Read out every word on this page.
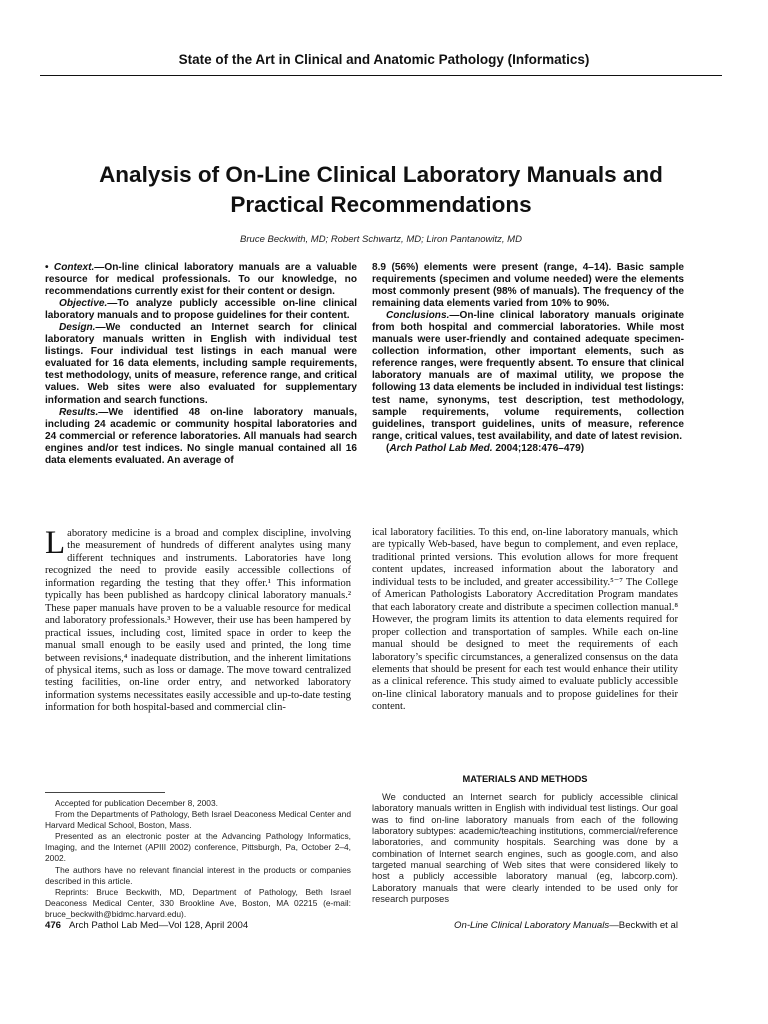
State of the Art in Clinical and Anatomic Pathology (Informatics)
Analysis of On-Line Clinical Laboratory Manuals and
Practical Recommendations
Bruce Beckwith, MD; Robert Schwartz, MD; Liron Pantanowitz, MD

• Context.—On-line clinical laboratory manuals are a valuable resource for medical professionals. To our knowledge, no recommendations currently exist for their content or design.

Objective.—To analyze publicly accessible on-line clinical laboratory manuals and to propose guidelines for their content.

Design.—We conducted an Internet search for clinical laboratory manuals written in English with individual test listings. Four individual test listings in each manual were evaluated for 16 data elements, including sample requirements, test methodology, units of measure, reference range, and critical values. Web sites were also evaluated for supplementary information and search functions.

Results.—We identified 48 on-line laboratory manuals, including 24 academic or community hospital laboratories and 24 commercial or reference laboratories. All manuals had search engines and/or test indices. No single manual contained all 16 data elements evaluated. An average of

8.9 (56%) elements were present (range, 4–14). Basic sample requirements (specimen and volume needed) were the elements most commonly present (98% of manuals). The frequency of the remaining data elements varied from 10% to 90%.

Conclusions.—On-line clinical laboratory manuals originate from both hospital and commercial laboratories. While most manuals were user-friendly and contained adequate specimen-collection information, other important elements, such as reference ranges, were frequently absent. To ensure that clinical laboratory manuals are of maximal utility, we propose the following 13 data elements be included in individual test listings: test name, synonyms, test description, test methodology, sample requirements, volume requirements, collection guidelines, transport guidelines, units of measure, reference range, critical values, test availability, and date of latest revision.

(Arch Pathol Lab Med. 2004;128:476–479)

Laboratory medicine is a broad and complex discipline, involving the measurement of hundreds of different analytes using many different techniques and instruments. Laboratories have long recognized the need to provide easily accessible collections of information regarding the testing that they offer.¹ This information typically has been published as hardcopy clinical laboratory manuals.² These paper manuals have proven to be a valuable resource for medical and laboratory professionals.³ However, their use has been hampered by practical issues, including cost, limited space in order to keep the manual small enough to be easily used and printed, the long time between revisions,⁴ inadequate distribution, and the inherent limitations of physical items, such as loss or damage. The move toward centralized testing facilities, on-line order entry, and networked laboratory information systems necessitates easily accessible and up-to-date testing information for both hospital-based and commercial clin-

ical laboratory facilities. To this end, on-line laboratory manuals, which are typically Web-based, have begun to complement, and even replace, traditional printed versions. This evolution allows for more frequent content updates, increased information about the laboratory and individual tests to be included, and greater accessibility.⁵⁻⁷ The College of American Pathologists Laboratory Accreditation Program mandates that each laboratory create and distribute a specimen collection manual.⁸ However, the program limits its attention to data elements required for proper collection and transportation of samples. While each on-line manual should be designed to meet the requirements of each laboratory’s specific circumstances, a generalized consensus on the data elements that should be present for each test would enhance their utility as a clinical reference. This study aimed to evaluate publicly accessible on-line clinical laboratory manuals and to propose guidelines for their content.

Accepted for publication December 8, 2003.

From the Departments of Pathology, Beth Israel Deaconess Medical Center and Harvard Medical School, Boston, Mass.

Presented as an electronic poster at the Advancing Pathology Informatics, Imaging, and the Internet (APIII 2002) conference, Pittsburgh, Pa, October 2–4, 2002.

The authors have no relevant financial interest in the products or companies described in this article.

Reprints: Bruce Beckwith, MD, Department of Pathology, Beth Israel Deaconess Medical Center, 330 Brookline Ave, Boston, MA 02215 (e-mail: bruce_beckwith@bidmc.harvard.edu).

MATERIALS AND METHODS

We conducted an Internet search for publicly accessible clinical laboratory manuals written in English with individual test listings. Our goal was to find on-line laboratory manuals from each of the following laboratory subtypes: academic/teaching institutions, commercial/reference laboratories, and community hospitals. Searching was done by a combination of Internet search engines, such as google.com, and also targeted manual searching of Web sites that were considered likely to host a publicly accessible laboratory manual (eg, labcorp.com). Laboratory manuals that were clearly intended to be used only for research purposes

476 Arch Pathol Lab Med—Vol 128, April 2004	On-Line Clinical Laboratory Manuals—Beckwith et al
